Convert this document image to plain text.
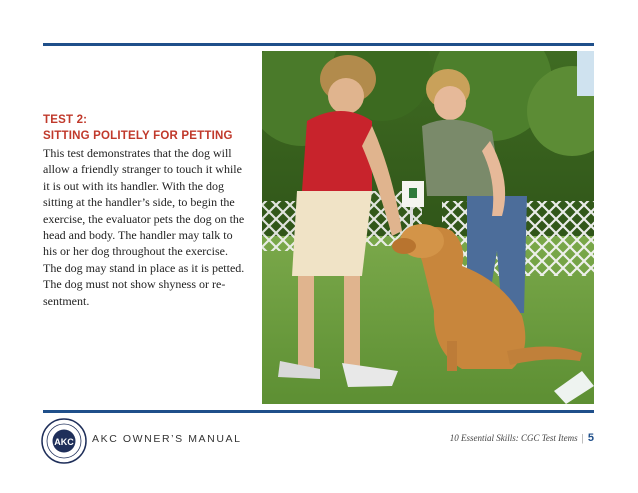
TEST 2:
SITTING POLITELY FOR PETTING
This test demonstrates that the dog will
allow a friendly stranger to touch it while
it is out with its handler. With the dog
sitting at the handler’s side, to begin the
exercise, the evaluator pets the dog on the
head and body. The handler may talk to
his or her dog throughout the exercise.
The dog may stand in place as it is petted.
The dog must not show shyness or re-
sentment.
AKC AKC OWNER’S MANUAL	10 Essential Skills: CGC Test Items | 5
